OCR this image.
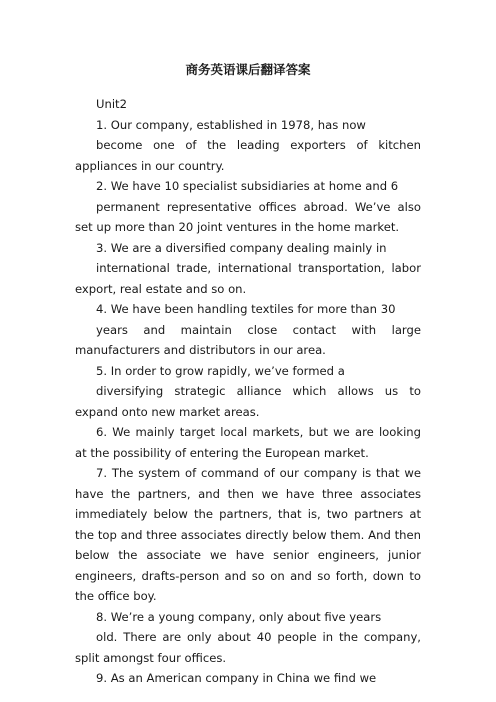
商务英语课后翻译答案

Unit2

1. Our company, established in 1978, has now
become one of the leading exporters of kitchen appliances in our country.

2. We have 10 specialist subsidiaries at home and 6
permanent representative offices abroad. We’ve also set up more than 20 joint ventures in the home market.

3. We are a diversified company dealing mainly in
international trade, international transportation, labor export, real estate and so on.

4. We have been handling textiles for more than 30
years and maintain close contact with large manufacturers and distributors in our area.

5. In order to grow rapidly, we’ve formed a
diversifying strategic alliance which allows us to expand onto new market areas.

6. We mainly target local markets, but we are looking at the possibility of entering the European market.

7. The system of command of our company is that we have the partners, and then we have three associates immediately below the partners, that is, two partners at the top and three associates directly below them. And then below the associate we have senior engineers, junior engineers, drafts-person and so on and so forth, down to the office boy.

8. We’re a young company, only about five years
old. There are only about 40 people in the company, split amongst four offices.

9. As an American company in China we find we
